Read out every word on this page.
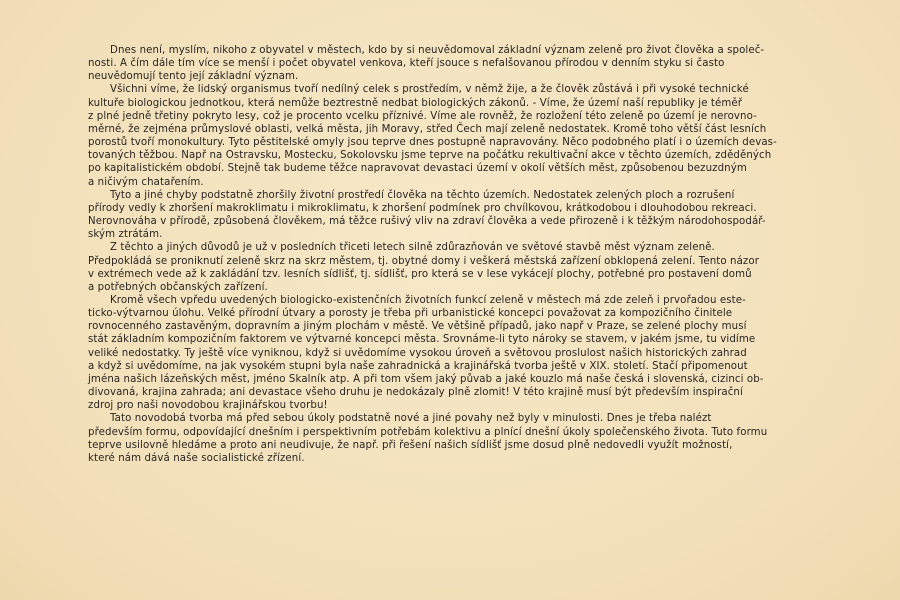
Dnes není, myslím, nikoho z obyvatel v městech, kdo by si neuvědomoval základní význam zeleně pro život člověka a společ-

nosti. A čím dále tím více se menší i počet obyvatel venkova, kteří jsouce s nefalšovanou přírodou v denním styku si často

neuvědomují tento její základní význam.

Všichni víme, že lidský organismus tvoří nedílný celek s prostředím, v němž žije, a že člověk zůstává i při vysoké technické

kultuře biologickou jednotkou, která nemůže beztrestně nedbat biologických zákonů. - Víme, že území naší republiky je téměř

z plné jedně třetiny pokryto lesy, což je procento vcelku příznivé. Víme ale rovněž, že rozložení této zeleně po území je nerovno-

měrné, že zejména průmyslové oblasti, velká města, jih Moravy, střed Čech mají zeleně nedostatek. Kromě toho větší část lesních

porostů tvoří monokultury. Tyto pěstitelské omyly jsou teprve dnes postupně napravovány. Něco podobného platí i o územích devas-

tovaných těžbou. Např na Ostravsku, Mostecku, Sokolovsku jsme teprve na počátku rekultivační akce v těchto územích, zděděných

po kapitalistickém období. Stejně tak budeme těžce napravovat devastaci území v okolí větších měst, způsobenou bezuzdným

a ničivým chatařením.

Tyto a jiné chyby podstatně zhoršily životní prostředí člověka na těchto územích. Nedostatek zelených ploch a rozrušení

přírody vedly k zhoršení makroklimatu i mikroklimatu, k zhoršení podmínek pro chvílkovou, krátkodobou i dlouhodobou rekreaci.

Nerovnováha v přírodě, způsobená člověkem, má těžce rušivý vliv na zdraví člověka a vede přirozeně i k těžkým národohospodář-

ským ztrátám.

Z těchto a jiných důvodů je už v posledních třiceti letech silně zdůrazňován ve světové stavbě měst význam zeleně.

Předpokládá se proniknutí zeleně skrz na skrz městem, tj. obytné domy i veškerá městská zařízení obklopená zelení. Tento názor

v extrémech vede až k zakládání tzv. lesních sídlišť, tj. sídlišť, pro která se v lese vykácejí plochy, potřebné pro postavení domů

a potřebných občanských zařízení.

Kromě všech vpředu uvedených biologicko-existenčních životních funkcí zeleně v městech má zde zeleň i prvořadou este-

ticko-výtvarnou úlohu. Velké přírodní útvary a porosty je třeba při urbanistické koncepci považovat za kompozičního činitele

rovnocenného zastavěným, dopravním a jiným plochám v městě. Ve většině případů, jako např v Praze, se zelené plochy musí

stát základním kompozičním faktorem ve výtvarné koncepci města. Srovnáme-li tyto nároky se stavem, v jakém jsme, tu vidíme

veliké nedostatky. Ty ještě více vyniknou, když si uvědomíme vysokou úroveň a světovou proslulost našich historických zahrad

a když si uvědomíme, na jak vysokém stupni byla naše zahradnická a krajinářská tvorba ještě v XIX. století. Stačí připomenout

jména našich lázeňských měst, jméno Skalník atp. A při tom všem jaký půvab a jaké kouzlo má naše česká i slovenská, cizinci ob-

divovaná, krajina zahrada; ani devastace všeho druhu je nedokázaly plně zlomit! V této krajině musí být především inspirační

zdroj pro naši novodobou krajinářskou tvorbu!

Tato novodobá tvorba má před sebou úkoly podstatně nové a jiné povahy než byly v minulosti. Dnes je třeba nalézt

především formu, odpovídající dnešním i perspektivním potřebám kolektivu a plnící dnešní úkoly společenského života. Tuto formu

teprve usilovně hledáme a proto ani neudivuje, že např. při řešení našich sídlišť jsme dosud plně nedovedli využít možností,

které nám dává naše socialistické zřízení.
